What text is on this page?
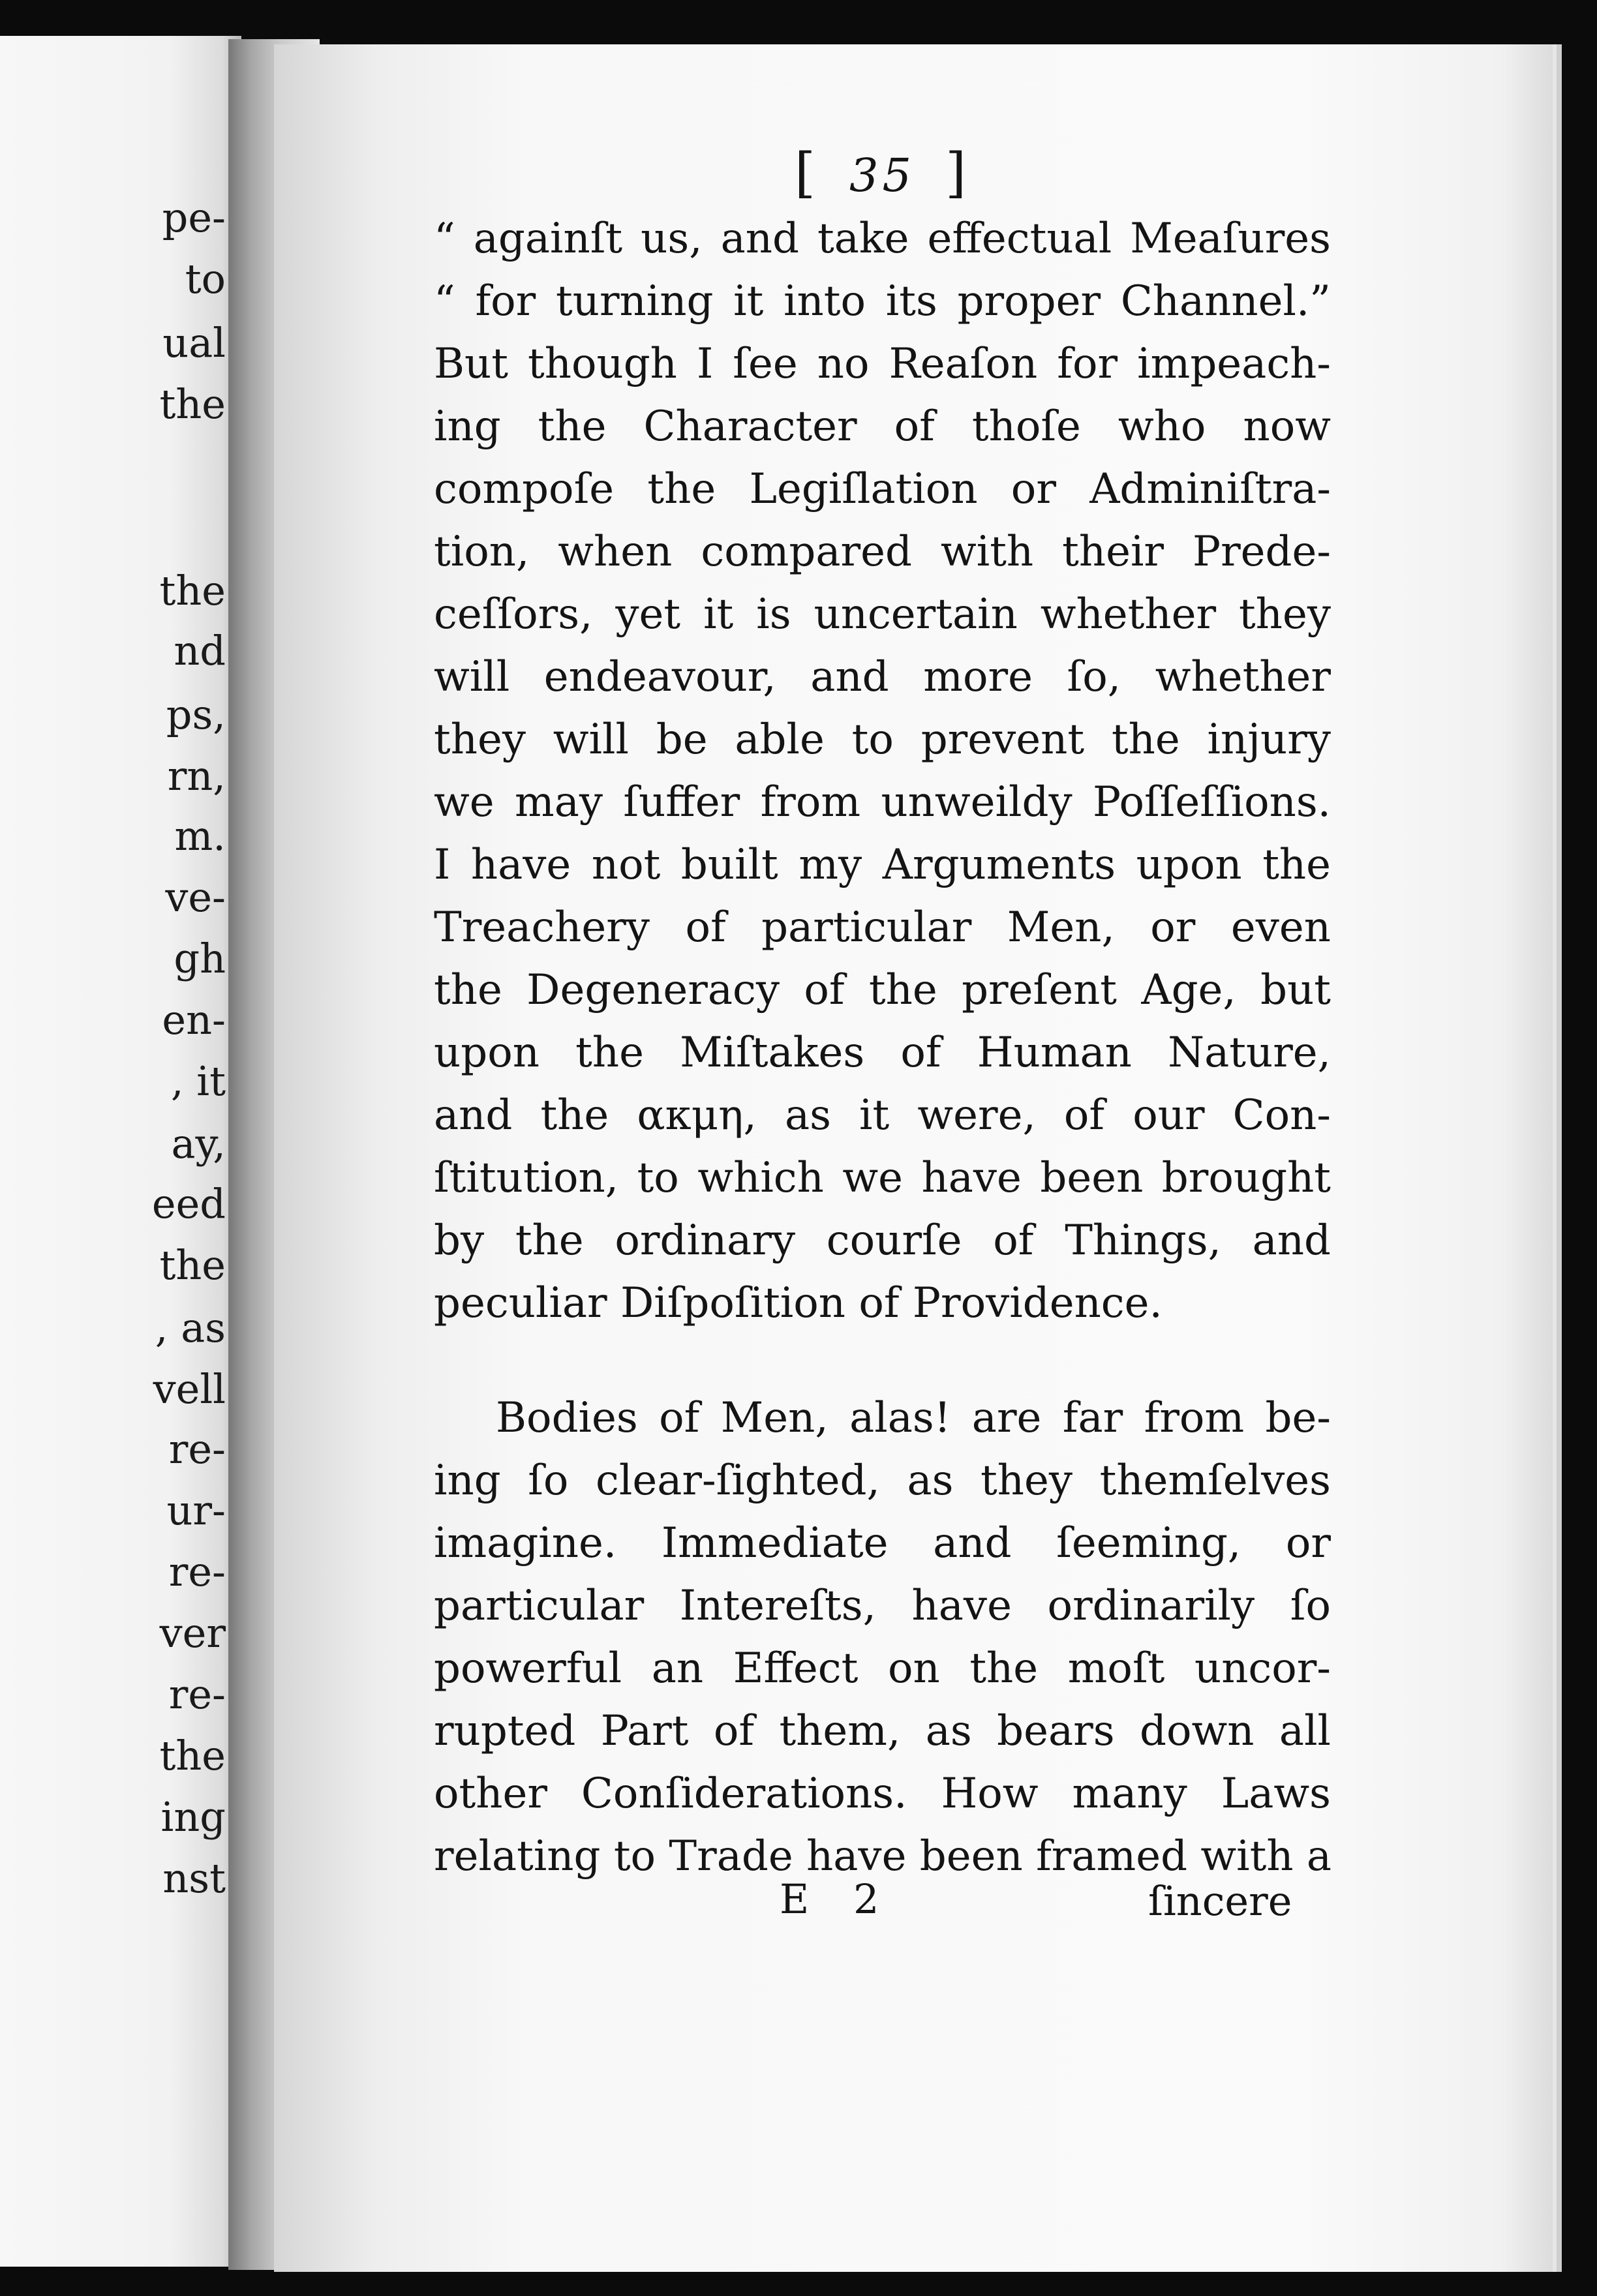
pe-
to
ual
the
the
nd
ps,
rn,
m.
ve-
gh
en-
, it
ay,
eed
the
, as
vell
re-
ur-
re-
ver
re-
the
ing
nst
[ 35 ]
“ againſt us, and take effectual Meaſures
“ for turning it into its proper Channel.”
But though I ſee no Reaſon for impeach-
ing the Character of thoſe who now
compoſe the Legiſlation or Adminiſtra-
tion, when compared with their Prede-
ceſſors, yet it is uncertain whether they
will endeavour, and more ſo, whether
they will be able to prevent the injury
we may ſuffer from unweildy Poſſeſſions.
I have not built my Arguments upon the
Treachery of particular Men, or even
the Degeneracy of the preſent Age, but
upon the Miſtakes of Human Nature,
and the ακμη, as it were, of our Con-
ſtitution, to which we have been brought
by the ordinary courſe of Things, and
peculiar Diſpoſition of Providence.
Bodies of Men, alas! are far from be-
ing ſo clear-ſighted, as they themſelves
imagine. Immediate and ſeeming, or
particular Intereſts, have ordinarily ſo
powerful an Effect on the moſt uncor-
rupted Part of them, as bears down all
other Conſiderations. How many Laws
relating to Trade have been framed with a
E 2	ſincere
